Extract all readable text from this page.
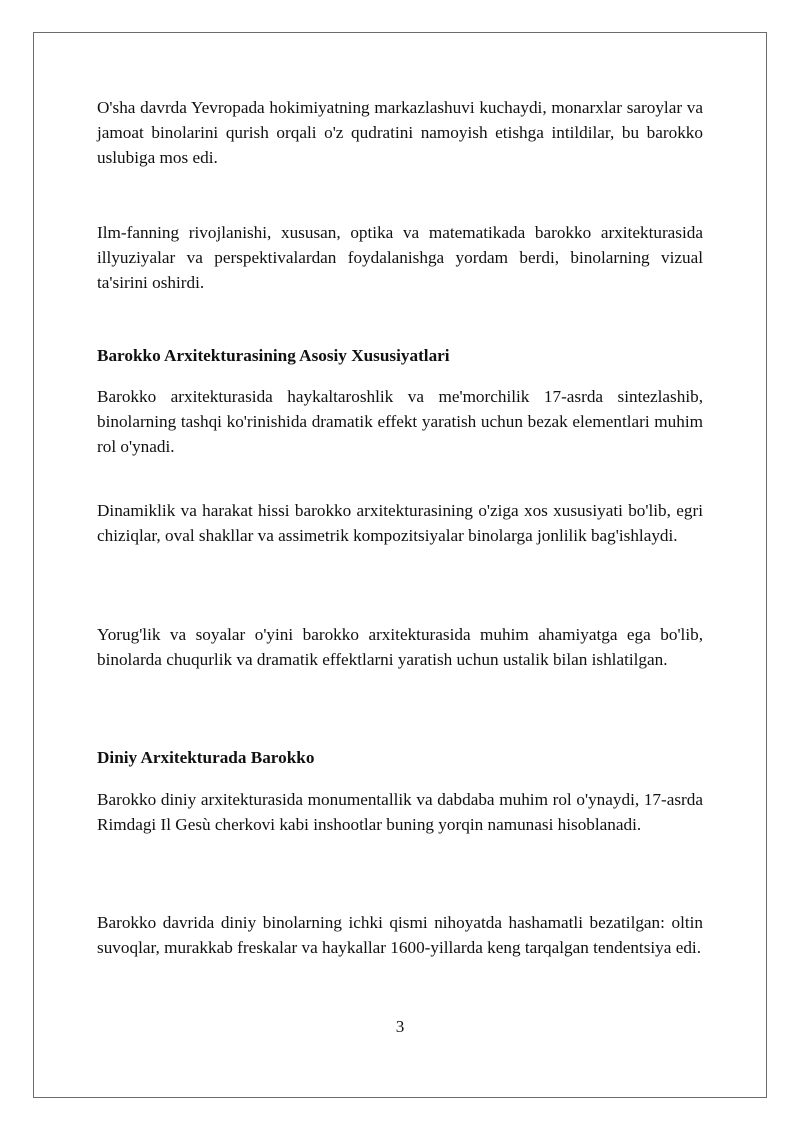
O'sha davrda Yevropada hokimiyatning markazlashuvi kuchaydi, monarxlar saroylar va jamoat binolarini qurish orqali o'z qudratini namoyish etishga intildilar, bu barokko uslubiga mos edi.

Ilm-fanning rivojlanishi, xususan, optika va matematikada barokko arxitekturasida illyuziyalar va perspektivalardan foydalanishga yordam berdi, binolarning vizual ta'sirini oshirdi.

Barokko Arxitekturasining Asosiy Xususiyatlari

Barokko arxitekturasida haykaltaroshlik va me'morchilik 17-asrda sintezlashib, binolarning tashqi ko'rinishida dramatik effekt yaratish uchun bezak elementlari muhim rol o'ynadi.

Dinamiklik va harakat hissi barokko arxitekturasining o'ziga xos xususiyati bo'lib, egri chiziqlar, oval shakllar va assimetrik kompozitsiyalar binolarga jonlilik bag'ishlaydi.

Yorug'lik va soyalar o'yini barokko arxitekturasida muhim ahamiyatga ega bo'lib, binolarda chuqurlik va dramatik effektlarni yaratish uchun ustalik bilan ishlatilgan.

Diniy Arxitekturada Barokko

Barokko diniy arxitekturasida monumentallik va dabdaba muhim rol o'ynaydi, 17-asrda Rimdagi Il Gesù cherkovi kabi inshootlar buning yorqin namunasi hisoblanadi.

Barokko davrida diniy binolarning ichki qismi nihoyatda hashamatli bezatilgan: oltin suvoqlar, murakkab freskalar va haykallar 1600-yillarda keng tarqalgan tendentsiya edi.

3
